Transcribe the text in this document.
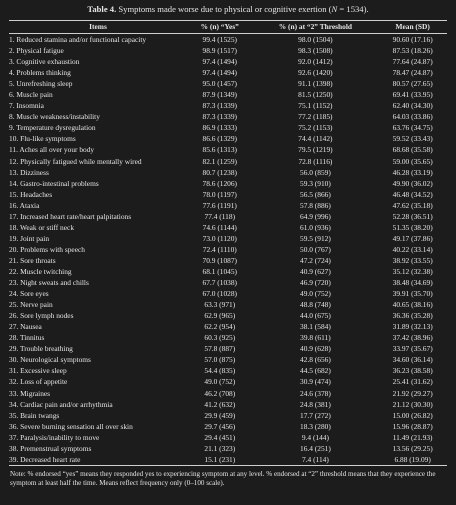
Table 4. Symptoms made worse due to physical or cognitive exertion (N = 1534).
Items	% (n) “Yes”	% (n) at “2” Threshold	Mean (SD)
1. Reduced stamina and/or functional capacity	99.4 (1525)	98.0 (1504)	90.60 (17.16)
2. Physical fatigue	98.9 (1517)	98.3 (1508)	87.53 (18.26)
3. Cognitive exhaustion	97.4 (1494)	92.0 (1412)	77.64 (24.87)
4. Problems thinking	97.4 (1494)	92.6 (1420)	78.47 (24.87)
5. Unrefreshing sleep	95.0 (1457)	91.1 (1398)	80.57 (27.65)
6. Muscle pain	87.9 (1349)	81.5 (1250)	69.41 (33.95)
7. Insomnia	87.3 (1339)	75.1 (1152)	62.40 (34.30)
8. Muscle weakness/instability	87.3 (1339)	77.2 (1185)	64.03 (33.86)
9. Temperature dysregulation	86.9 (1333)	75.2 (1153)	63.76 (34.75)
10. Flu-like symptoms	86.6 (1329)	74.4 (1142)	59.52 (33.43)
11. Aches all over your body	85.6 (1313)	79.5 (1219)	68.68 (35.58)
12. Physically fatigued while mentally wired	82.1 (1259)	72.8 (1116)	59.00 (35.65)
13. Dizziness	80.7 (1238)	56.0 (859)	46.28 (33.19)
14. Gastro-intestinal problems	78.6 (1206)	59.3 (910)	49.90 (36.02)
15. Headaches	78.0 (1197)	56.5 (866)	46.48 (34.52)
16. Ataxia	77.6 (1191)	57.8 (886)	47.62 (35.18)
17. Increased heart rate/heart palpitations	77.4 (118)	64.9 (996)	52.28 (36.51)
18. Weak or stiff neck	74.6 (1144)	61.0 (936)	51.35 (38.20)
19. Joint pain	73.0 (1120)	59.5 (912)	49.17 (37.86)
20. Problems with speech	72.4 (1110)	50.0 (767)	40.22 (33.14)
21. Sore throats	70.9 (1087)	47.2 (724)	38.92 (33.55)
22. Muscle twitching	68.1 (1045)	40.9 (627)	35.12 (32.38)
23. Night sweats and chills	67.7 (1038)	46.9 (720)	38.48 (34.69)
24. Sore eyes	67.0 (1028)	49.0 (752)	39.91 (35.70)
25. Nerve pain	63.3 (971)	48.8 (748)	40.65 (38.16)
26. Sore lymph nodes	62.9 (965)	44.0 (675)	36.36 (35.28)
27. Nausea	62.2 (954)	38.1 (584)	31.89 (32.13)
28. Tinnitus	60.3 (925)	39.8 (611)	37.42 (38.96)
29. Trouble breathing	57.8 (887)	40.9 (628)	33.97 (35.67)
30. Neurological symptoms	57.0 (875)	42.8 (656)	34.60 (36.14)
31. Excessive sleep	54.4 (835)	44.5 (682)	36.23 (38.58)
32. Loss of appetite	49.0 (752)	30.9 (474)	25.41 (31.62)
33. Migraines	46.2 (708)	24.6 (378)	21.92 (29.27)
34. Cardiac pain and/or arrhythmia	41.2 (632)	24.8 (381)	21.12 (30.30)
35. Brain twangs	29.9 (459)	17.7 (272)	15.00 (26.82)
36. Severe burning sensation all over skin	29.7 (456)	18.3 (280)	15.96 (28.87)
37. Paralysis/inability to move	29.4 (451)	9.4 (144)	11.49 (21.93)
38. Premenstrual symptoms	21.1 (323)	16.4 (251)	13.56 (29.25)
39. Decreased heart rate	15.1 (231)	7.4 (114)	6.88 (19.09)
Note: % endorsed “yes” means they responded yes to experiencing symptom at any level. % endorsed at “2” threshold means that they experience the symptom at least half the time. Means reflect frequency only (0–100 scale).
